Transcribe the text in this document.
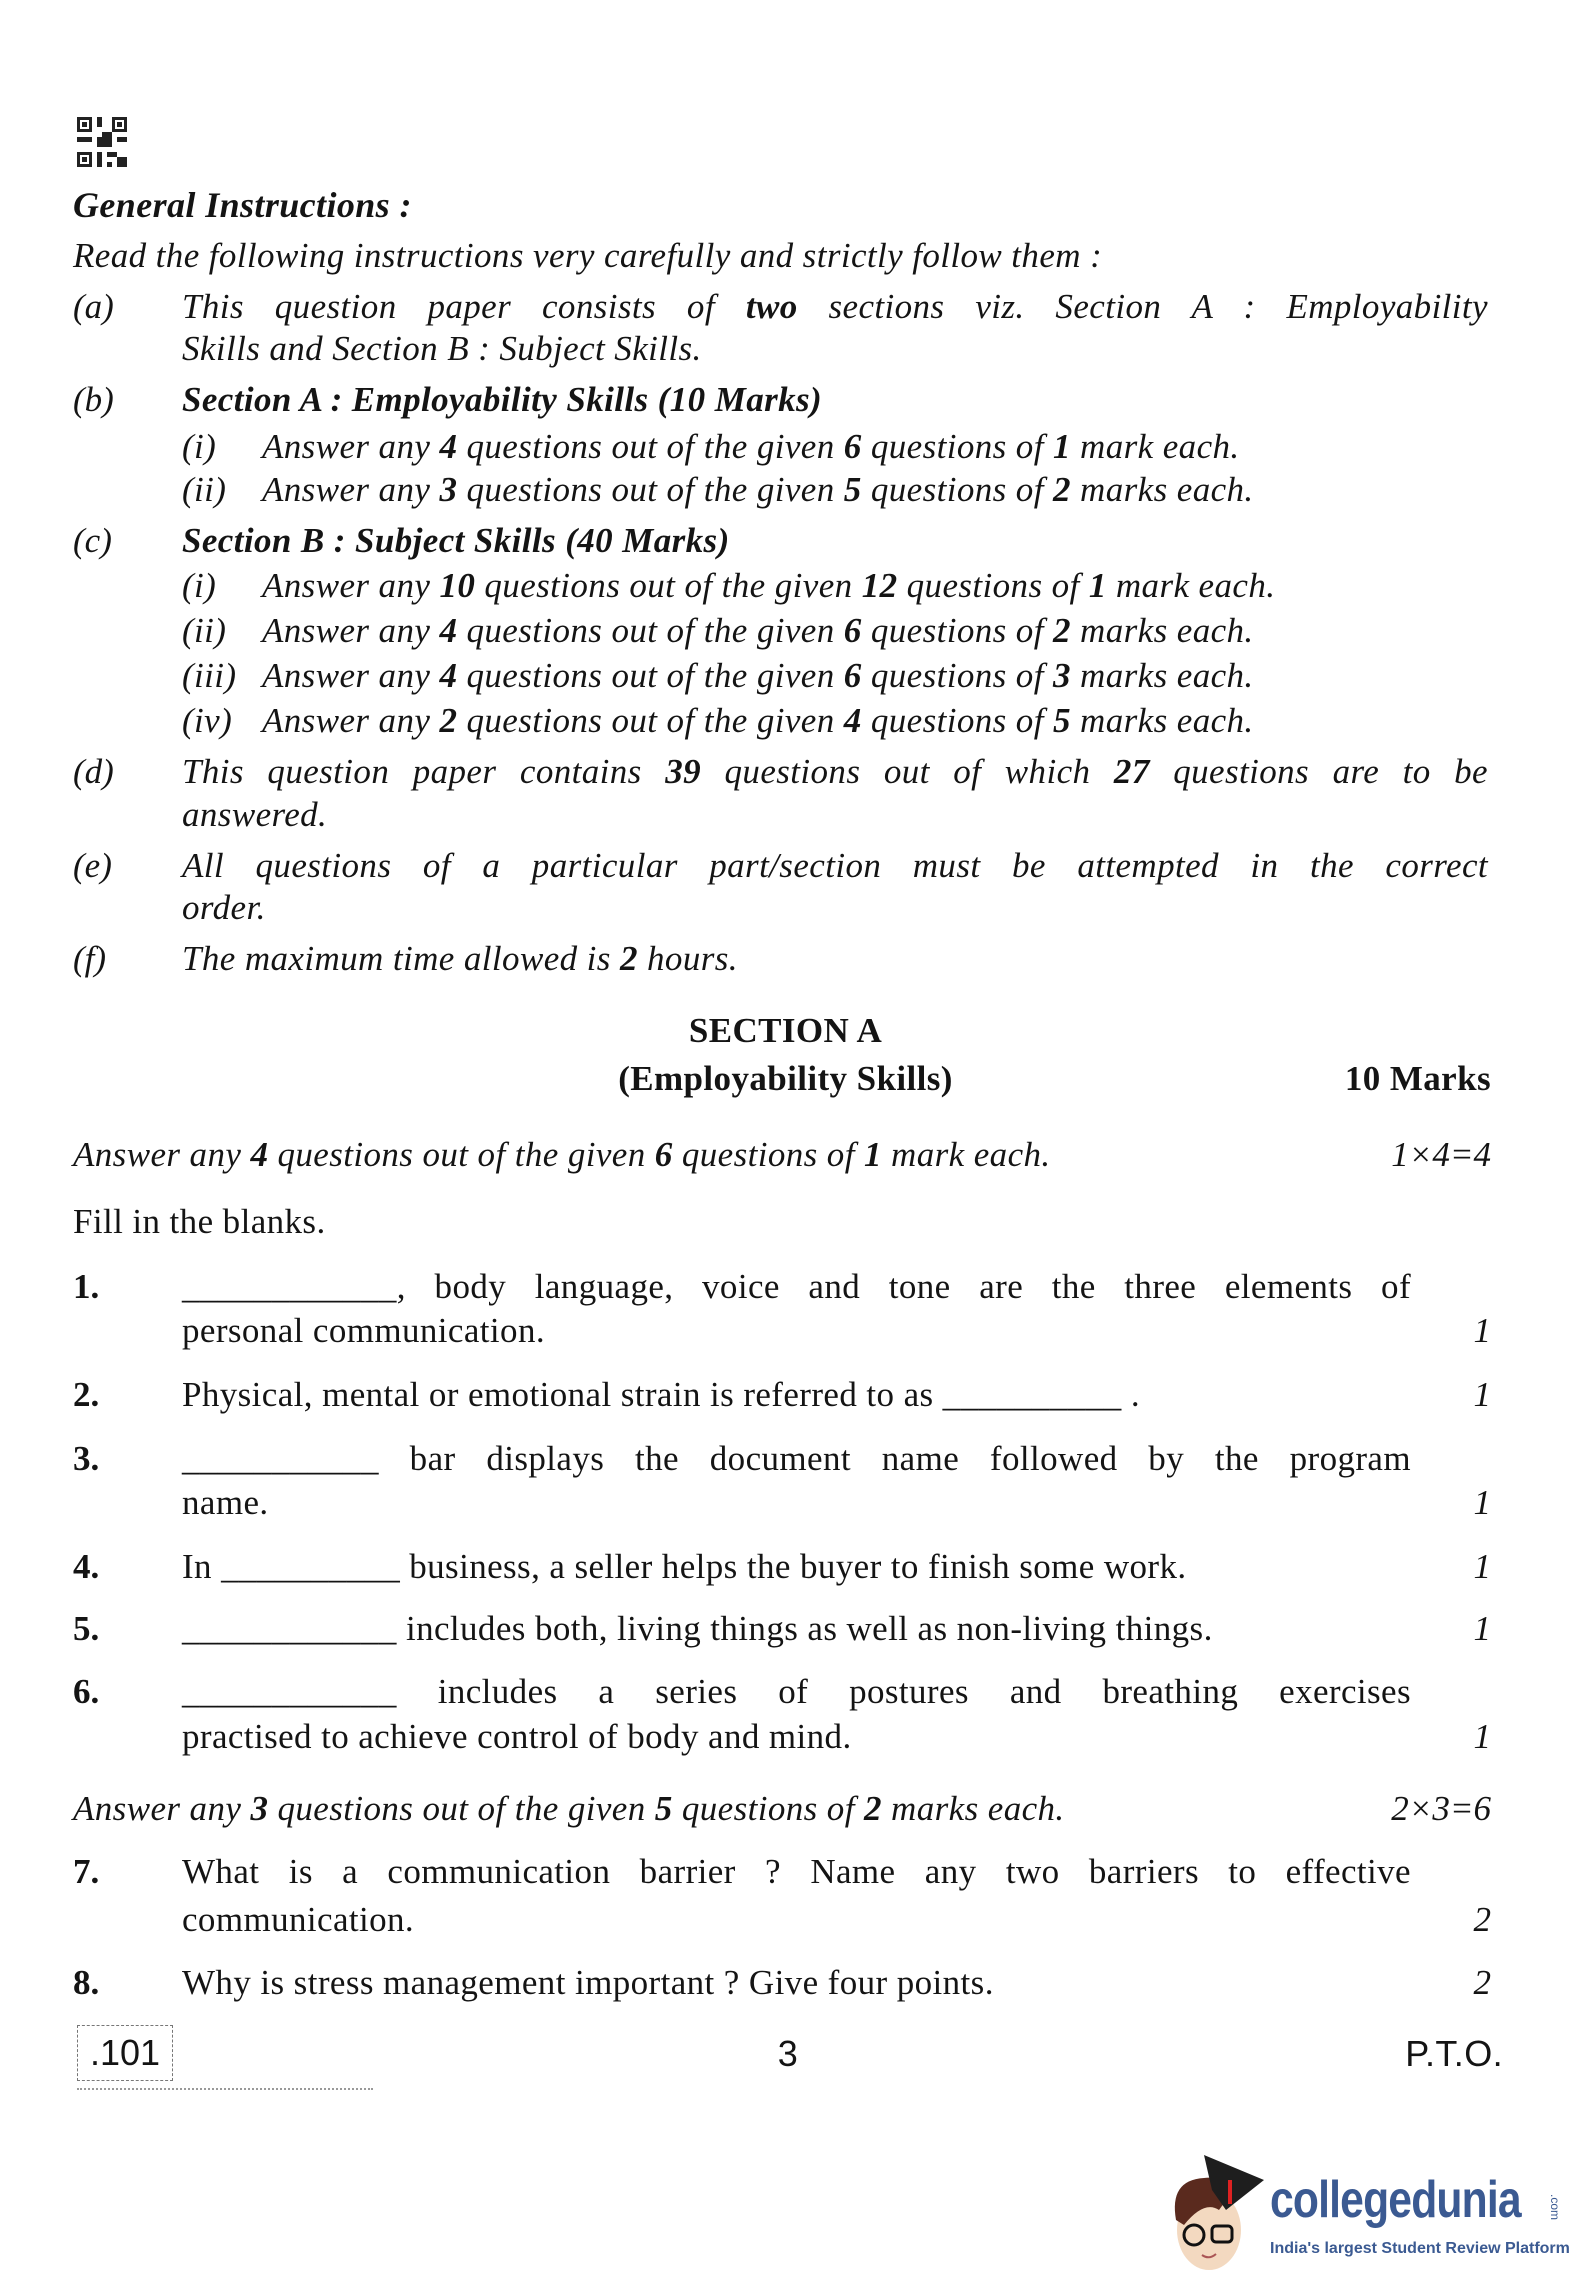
General Instructions :
Read the following instructions very carefully and strictly follow them :
(a) This question paper consists of two sections viz. Section A : Employability
Skills and Section B : Subject Skills.
(b) Section A : Employability Skills (10 Marks)
(i) Answer any 4 questions out of the given 6 questions of 1 mark each.
(ii) Answer any 3 questions out of the given 5 questions of 2 marks each.
(c) Section B : Subject Skills (40 Marks)
(i) Answer any 10 questions out of the given 12 questions of 1 mark each.
(ii) Answer any 4 questions out of the given 6 questions of 2 marks each.
(iii) Answer any 4 questions out of the given 6 questions of 3 marks each.
(iv) Answer any 2 questions out of the given 4 questions of 5 marks each.
(d) This question paper contains 39 questions out of which 27 questions are to be
answered.
(e) All questions of a particular part/section must be attempted in the correct
order.
(f) The maximum time allowed is 2 hours.
SECTION A
(Employability Skills)	10 Marks
Answer any 4 questions out of the given 6 questions of 1 mark each.	1×4=4
Fill in the blanks.
1. ____________, body language, voice and tone are the three elements of
personal communication.	1
2. Physical, mental or emotional strain is referred to as __________ .	1
3. ___________ bar displays the document name followed by the program
name.	1
4. In __________ business, a seller helps the buyer to finish some work.	1
5. ____________ includes both, living things as well as non-living things.	1
6. ____________ includes a series of postures and breathing exercises
practised to achieve control of body and mind.	1
Answer any 3 questions out of the given 5 questions of 2 marks each.	2×3=6
7. What is a communication barrier ? Name any two barriers to effective
communication.	2
8. Why is stress management important ? Give four points.	2
.101	3	P.T.O.
collegedunia .com
India's largest Student Review Platform
